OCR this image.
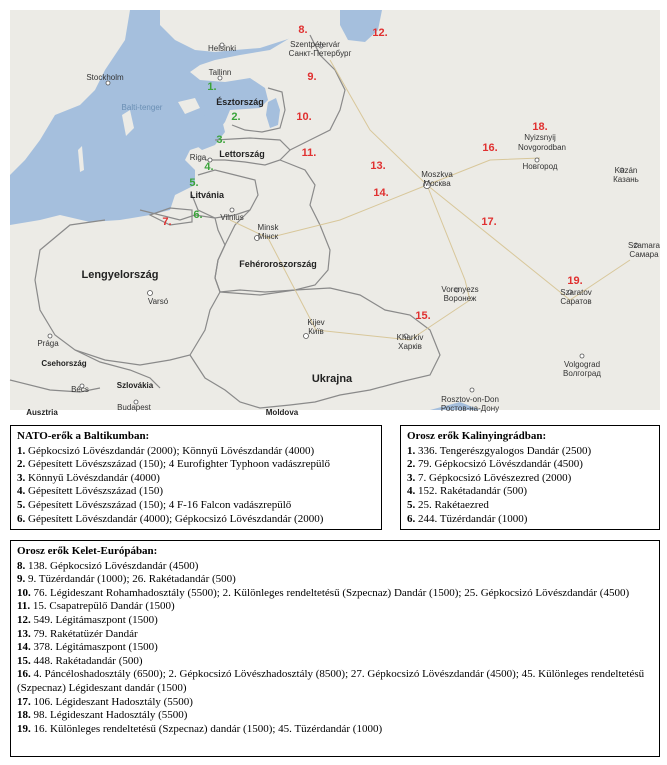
Helsinki
Stockholm
Tallinn
Szentpétervár
Санкт-Петербург
Észtország
Balti-tenger
Riga Lettország
Litvánia
Vilnius
Minsk
Мінск
Fehéroroszország
Lengyelország
Varsó
Prága
Csehország
Szlovákia
Bécs
Budapest
Ausztria	Moldova
Kijev
Київ
Ukrajna
Kharkiv
Харків
Voronyezs
Воронеж
Moszkva
Москва
Nyizsnyij
Novgorodban
Новгород	Kazán
Казань
Szamara
Самара
Szaratov
Саратов
Volgograd
Волгоград
Rosztov-on-Don
Ростов-на-Дону
1.
2.
3.
4.
5.
6.
7.
8.
9.
10.
11.
12.
13.
14.
15.
16.
17.
18.
19.
NATO-erők a Baltikumban:
1. Gépkocsizó Lövészdandár (2000); Könnyű Lövészdandár (4000)
2. Gépesített Lövészszázad (150); 4 Eurofighter Typhoon vadászrepülő
3. Könnyű Lövészdandár (4000)
4. Gépesített Lövészszázad (150)
5. Gépesített Lövészszázad (150); 4 F-16 Falcon vadászrepülő
6. Gépesített Lövészdandár (4000); Gépkocsizó Lövészdandár (2000)
Orosz erők Kalinyingrádban:
1. 336. Tengerészgyalogos Dandár (2500)
2. 79. Gépkocsizó Lövészdandár (4500)
3. 7. Gépkocsizó Lövészezred (2000)
4. 152. Rakétadandár (500)
5. 25. Rakétaezred
6. 244. Tüzérdandár (1000)
Orosz erők Kelet-Európában:
8. 138. Gépkocsizó Lövészdandár (4500)
9. 9. Tüzérdandár (1000); 26. Rakétadandár (500)
10. 76. Légideszant Rohamhadosztály (5500); 2. Különleges rendeltetésű (Szpecnaz) Dandár (1500); 25. Gépkocsizó Lövészdandár (4500)
11. 15. Csapatrepülő Dandár (1500)
12. 549. Légitámaszpont (1500)
13. 79. Rakétatüzér Dandár
14. 378. Légitámaszpont (1500)
15. 448. Rakétadandár (500)
16. 4. Páncéloshadosztály (6500); 2. Gépkocsizó Lövészhadosztály (8500); 27. Gépkocsizó Lövészdandár (4500); 45. Különleges rendeltetésű (Szpecnaz) Légideszant dandár (1500)
17. 106. Légideszant Hadosztály (5500)
18. 98. Légideszant Hadosztály (5500)
19. 16. Különleges rendeltetésű (Szpecnaz) dandár (1500); 45. Tüzérdandár (1000)
